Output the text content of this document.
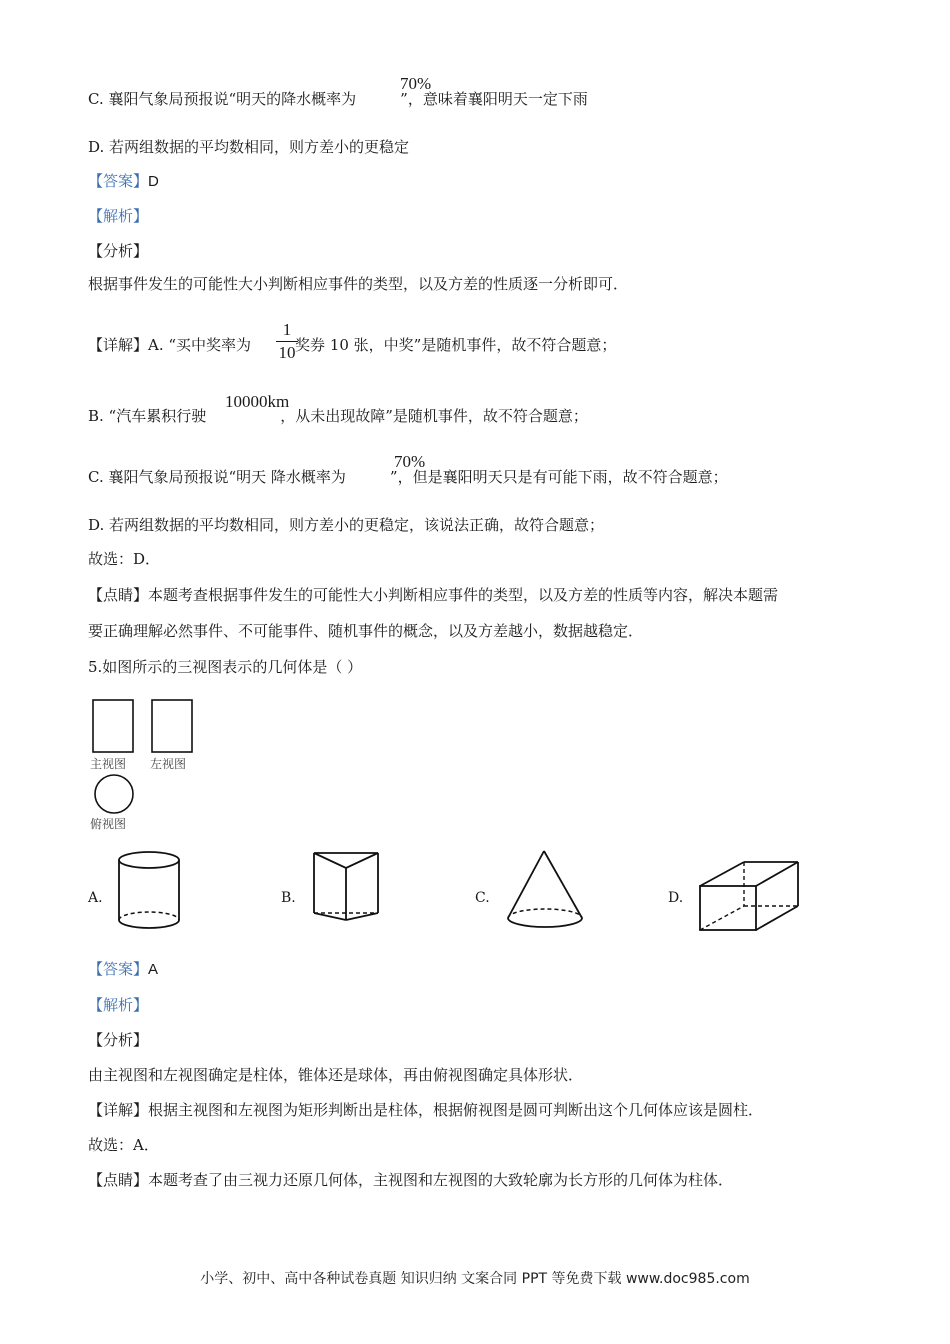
70%
C. 襄阳气象局预报说“明天的降水概率为	”，意味着襄阳明天一定下雨
D. 若两组数据的平均数相同，则方差小的更稳定
【答案】D
【解析】
【分析】
根据事件发生的可能性大小判断相应事件的类型，以及方差的性质逐一分析即可．
1
10
【详解】A. “买中奖率为	奖券 10 张，中奖”是随机事件，故不符合题意；
10000km
B. “汽车累积行驶	，从未出现故障”是随机事件，故不符合题意；
70%
C. 襄阳气象局预报说“明天 降水概率为	”，但是襄阳明天只是有可能下雨，故不符合题意；
D. 若两组数据的平均数相同，则方差小的更稳定，该说法正确，故符合题意；
故选：D．
【点睛】本题考查根据事件发生的可能性大小判断相应事件的类型，以及方差的性质等内容，解决本题需
要正确理解必然事件、不可能事件、随机事件的概念，以及方差越小，数据越稳定．
5.如图所示的三视图表示的几何体是（ ）
主视图 左视图
俯视图
A.	B.	C.	D.
【答案】A
【解析】
【分析】
由主视图和左视图确定是柱体，锥体还是球体，再由俯视图确定具体形状．
【详解】根据主视图和左视图为矩形判断出是柱体，根据俯视图是圆可判断出这个几何体应该是圆柱．
故选：A．
【点睛】本题考查了由三视力还原几何体，主视图和左视图的大致轮廓为长方形的几何体为柱体．
小学、初中、高中各种试卷真题 知识归纳 文案合同 PPT 等免费下载 www.doc985.com
